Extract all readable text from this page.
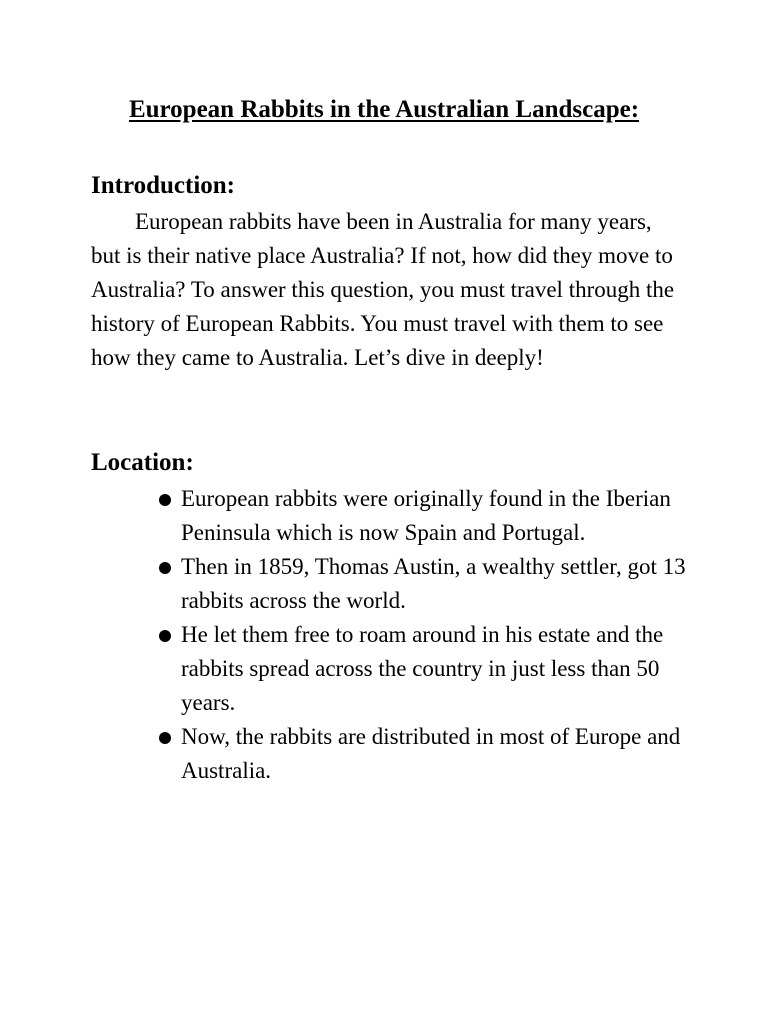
European Rabbits in the Australian Landscape:
Introduction:

European rabbits have been in Australia for many years, but is their native place Australia? If not, how did they move to Australia? To answer this question, you must travel through the history of European Rabbits. You must travel with them to see how they came to Australia. Let’s dive in deeply!

Location:
European rabbits were originally found in the Iberian Peninsula which is now Spain and Portugal.
Then in 1859, Thomas Austin, a wealthy settler, got 13 rabbits across the world.
He let them free to roam around in his estate and the rabbits spread across the country in just less than 50 years.
Now, the rabbits are distributed in most of Europe and Australia.
